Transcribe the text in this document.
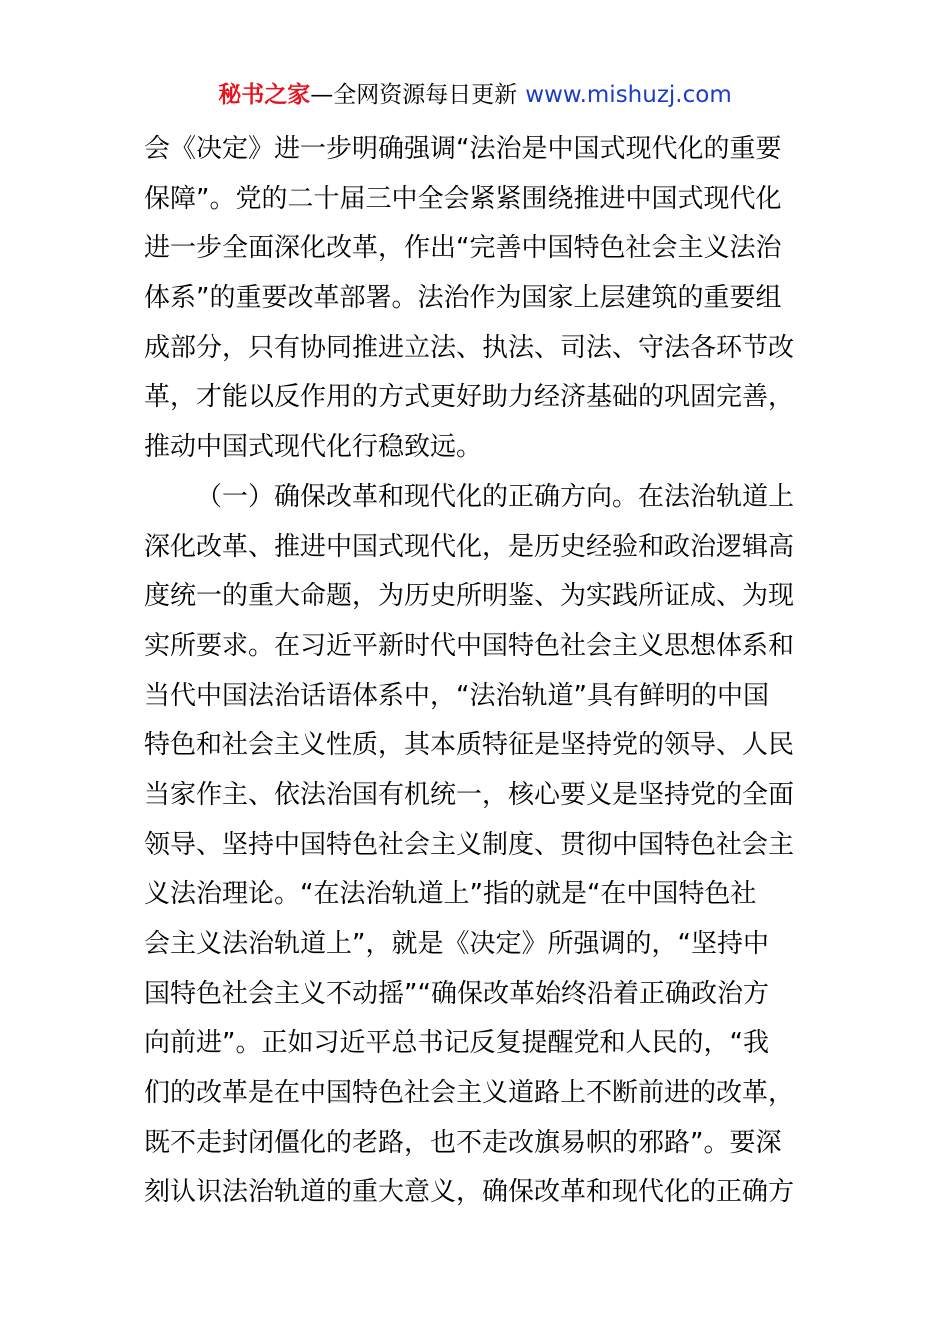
秘书之家—全网资源每日更新 www.mishuzj.com
会《决定》进一步明确强调“法治是中国式现代化的重要
保障”。党的二十届三中全会紧紧围绕推进中国式现代化
进一步全面深化改革，作出“完善中国特色社会主义法治
体系”的重要改革部署。法治作为国家上层建筑的重要组
成部分，只有协同推进立法、执法、司法、守法各环节改
革，才能以反作用的方式更好助力经济基础的巩固完善，
推动中国式现代化行稳致远。
（一）确保改革和现代化的正确方向。在法治轨道上
深化改革、推进中国式现代化，是历史经验和政治逻辑高
度统一的重大命题，为历史所明鉴、为实践所证成、为现
实所要求。在习近平新时代中国特色社会主义思想体系和
当代中国法治话语体系中，“法治轨道”具有鲜明的中国
特色和社会主义性质，其本质特征是坚持党的领导、人民
当家作主、依法治国有机统一，核心要义是坚持党的全面
领导、坚持中国特色社会主义制度、贯彻中国特色社会主
义法治理论。“在法治轨道上”指的就是“在中国特色社
会主义法治轨道上”，就是《决定》所强调的，“坚持中
国特色社会主义不动摇”“确保改革始终沿着正确政治方
向前进”。正如习近平总书记反复提醒党和人民的，“我
们的改革是在中国特色社会主义道路上不断前进的改革，
既不走封闭僵化的老路，也不走改旗易帜的邪路”。要深
刻认识法治轨道的重大意义，确保改革和现代化的正确方
